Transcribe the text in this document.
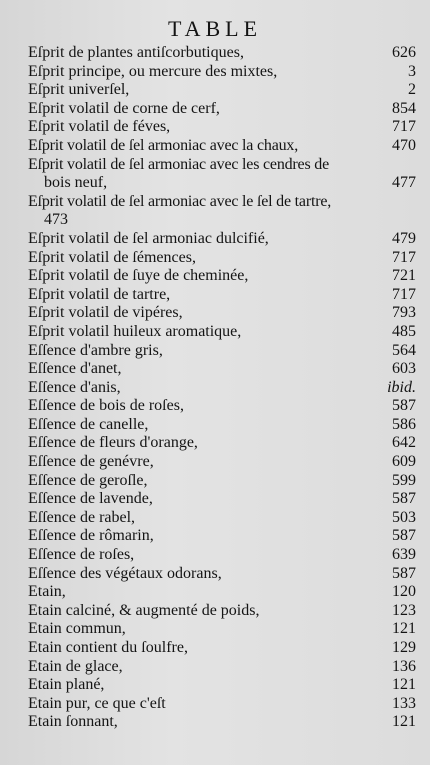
TABLE
Eſprit de plantes antiſcorbutiques,	626
Eſprit principe, ou mercure des mixtes,	3
Eſprit univerſel,	2
Eſprit volatil de corne de cerf,	854
Eſprit volatil de féves,	717
Eſprit volatil de ſel armoniac avec la chaux,	470
Eſprit volatil de ſel armoniac avec les cendres de
bois neuf,	477
Eſprit volatil de ſel armoniac avec le ſel de tartre,
473
Eſprit volatil de ſel armoniac dulcifié,	479
Eſprit volatil de ſémences,	717
Eſprit volatil de ſuye de cheminée,	721
Eſprit volatil de tartre,	717
Eſprit volatil de vipéres,	793
Eſprit volatil huileux aromatique,	485
Eſſence d'ambre gris,	564
Eſſence d'anet,	603
Eſſence d'anis,	ibid.
Eſſence de bois de roſes,	587
Eſſence de canelle,	586
Eſſence de fleurs d'orange,	642
Eſſence de genévre,	609
Eſſence de geroſle,	599
Eſſence de lavende,	587
Eſſence de rabel,	503
Eſſence de rômarin,	587
Eſſence de roſes,	639
Eſſence des végétaux odorans,	587
Etain,	120
Etain calciné, & augmenté de poids,	123
Etain commun,	121
Etain contient du ſoulfre,	129
Etain de glace,	136
Etain plané,	121
Etain pur, ce que c'eſt	133
Etain ſonnant,	121
